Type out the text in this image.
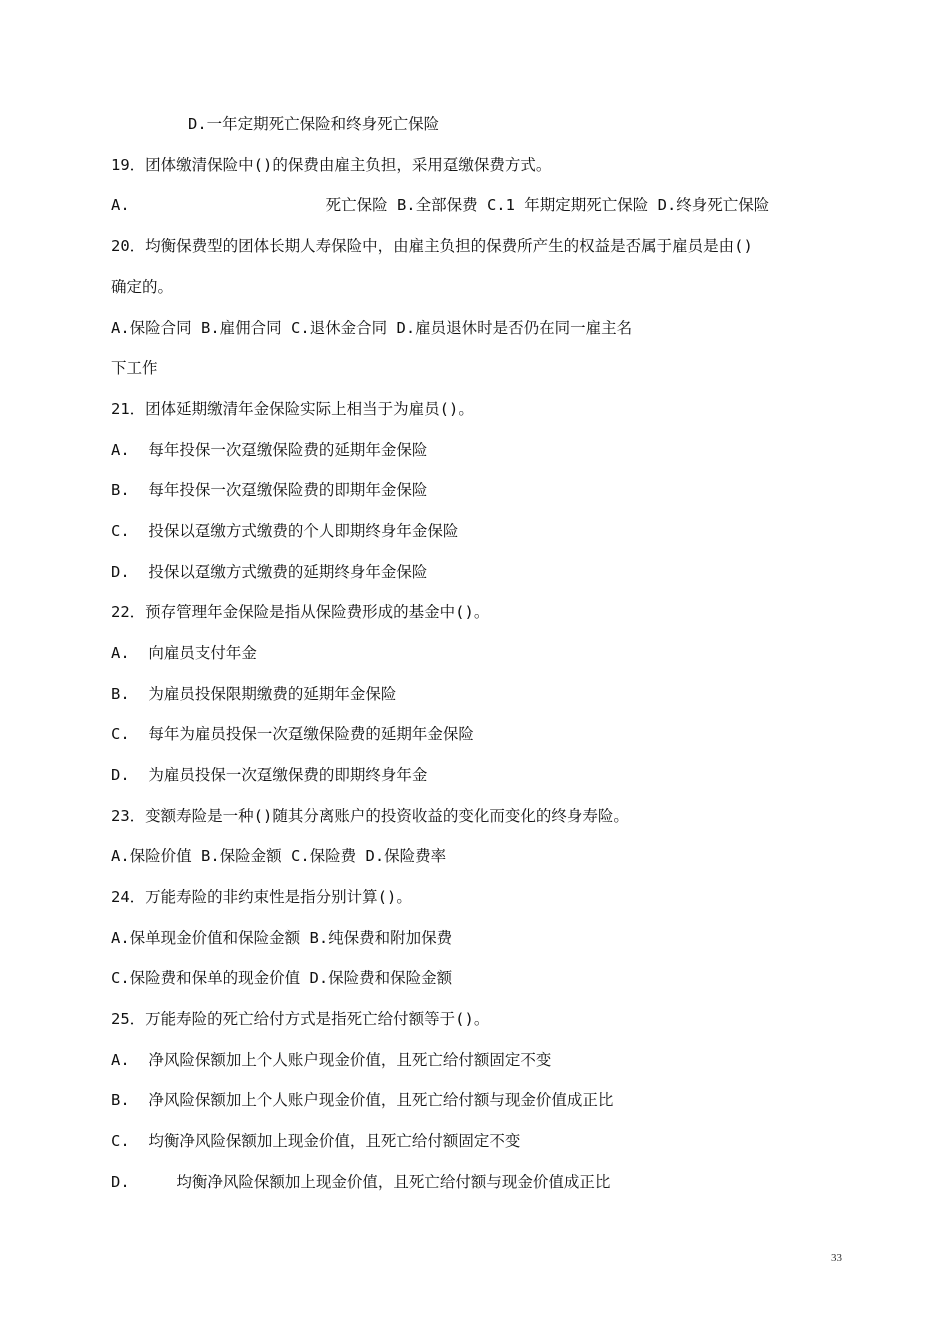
D.一年定期死亡保险和终身死亡保险
19．团体缴清保险中()的保费由雇主负担，采用趸缴保费方式。
A.                     死亡保险 B.全部保费 C.1 年期定期死亡保险 D.终身死亡保险
20．均衡保费型的团体长期人寿保险中，由雇主负担的保费所产生的权益是否属于雇员是由()
确定的。
A.保险合同 B.雇佣合同 C.退休金合同 D.雇员退休时是否仍在同一雇主名
下工作
21．团体延期缴清年金保险实际上相当于为雇员()。
A.  每年投保一次趸缴保险费的延期年金保险
B.  每年投保一次趸缴保险费的即期年金保险
C.  投保以趸缴方式缴费的个人即期终身年金保险
D.  投保以趸缴方式缴费的延期终身年金保险
22．预存管理年金保险是指从保险费形成的基金中()。
A.  向雇员支付年金
B.  为雇员投保限期缴费的延期年金保险
C.  每年为雇员投保一次趸缴保险费的延期年金保险
D.  为雇员投保一次趸缴保费的即期终身年金
23．变额寿险是一种()随其分离账户的投资收益的变化而变化的终身寿险。
A.保险价值 B.保险金额 C.保险费 D.保险费率
24．万能寿险的非约束性是指分别计算()。
A.保单现金价值和保险金额 B.纯保费和附加保费
C.保险费和保单的现金价值 D.保险费和保险金额
25．万能寿险的死亡给付方式是指死亡给付额等于()。
A.  净风险保额加上个人账户现金价值，且死亡给付额固定不变
B.  净风险保额加上个人账户现金价值，且死亡给付额与现金价值成正比
C.  均衡净风险保额加上现金价值，且死亡给付额固定不变
D.     均衡净风险保额加上现金价值，且死亡给付额与现金价值成正比
33
